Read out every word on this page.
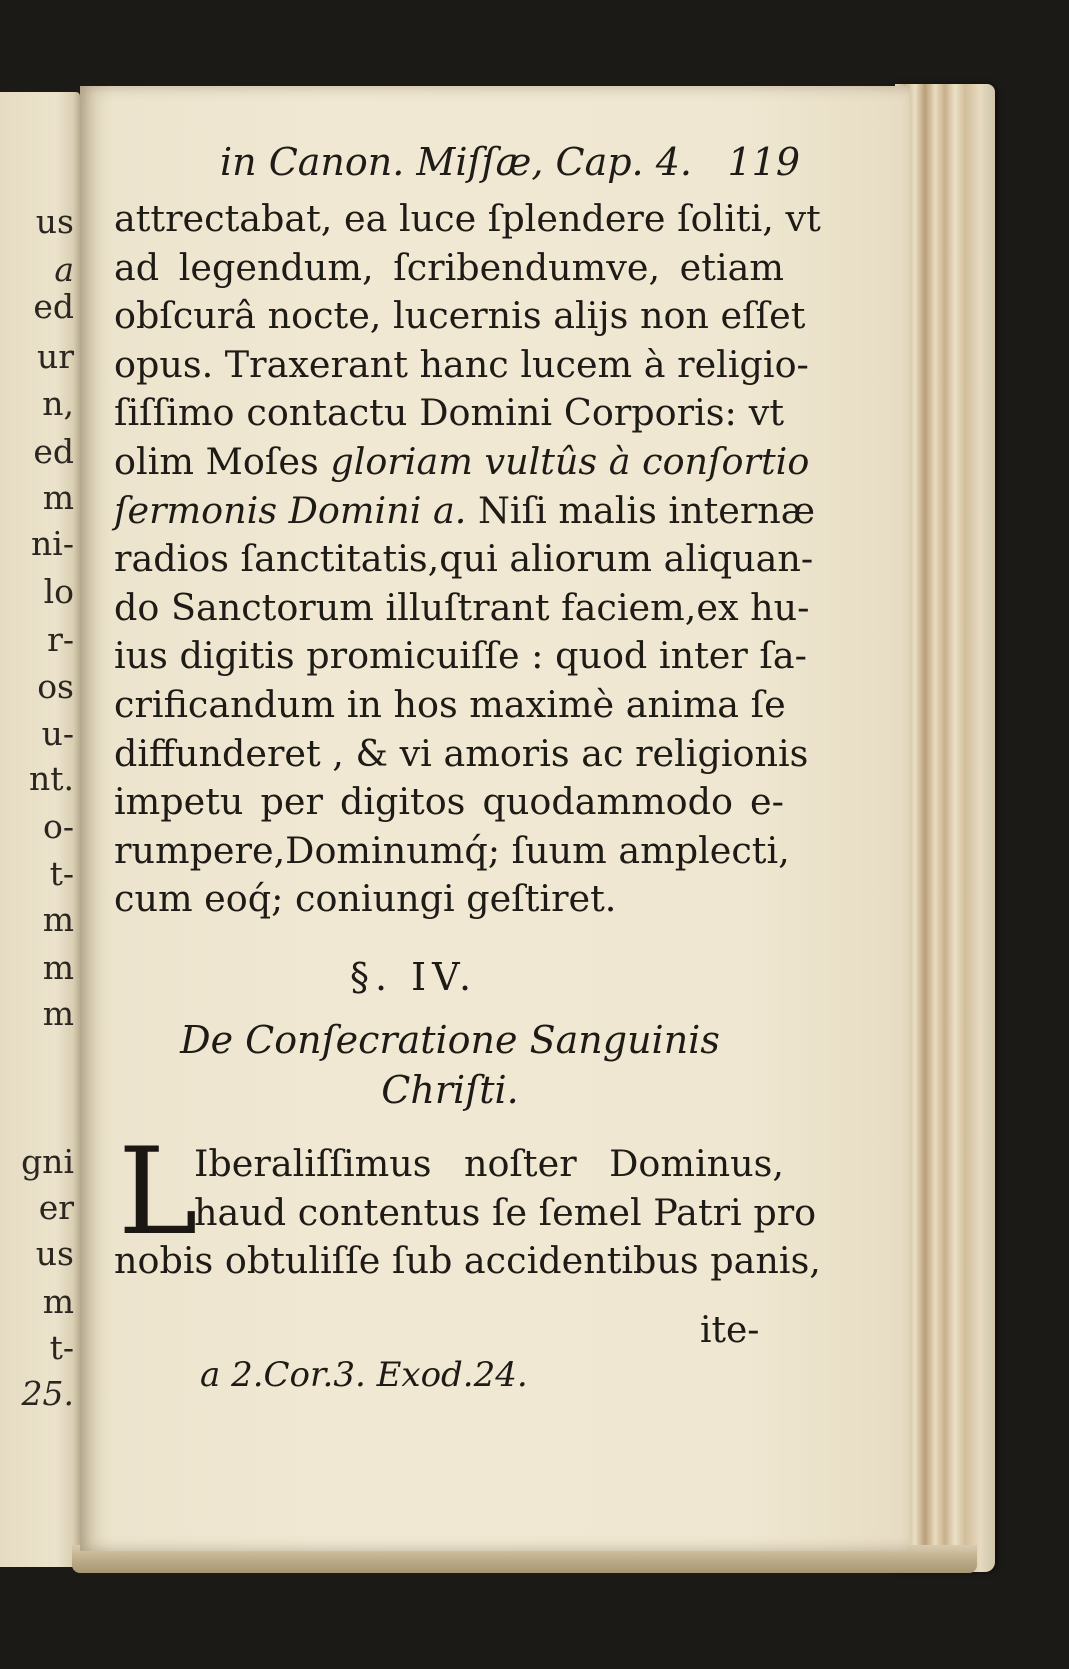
us
a
ed
ur
n,
ed
m
ni-
lo
r-
os
u-
nt.
o-
t-
m
m
m
gni
er
us
m
t-
25.
in Canon. Miſſæ, Cap. 4. 119
attrectabat, ea luce ſplendere ſoliti, vt
ad legendum, ſcribendumve, etiam
obſcurâ nocte, lucernis alijs non eſſet
opus. Traxerant hanc lucem à religio-
ſiſſimo contactu Domini Corporis: vt
olim Moſes gloriam vultûs à conſortio
ſermonis Domini a. Niſi malis internæ
radios ſanctitatis,qui aliorum aliquan-
do Sanctorum illuſtrant faciem,ex hu-
ius digitis promicuiſſe : quod inter ſa-
crificandum in hos maximè anima ſe
diffunderet , & vi amoris ac religionis
impetu per digitos quodammodo e-
rumpere,Dominumq́; ſuum amplecti,
cum eoq́; coniungi geſtiret.
§. IV.
De Conſecratione Sanguinis
Chriſti.
L
Iberaliſſimus noſter Dominus,
haud contentus ſe ſemel Patri pro
nobis obtuliſſe ſub accidentibus panis,
ite-
a 2.Cor.3. Exod.24.
